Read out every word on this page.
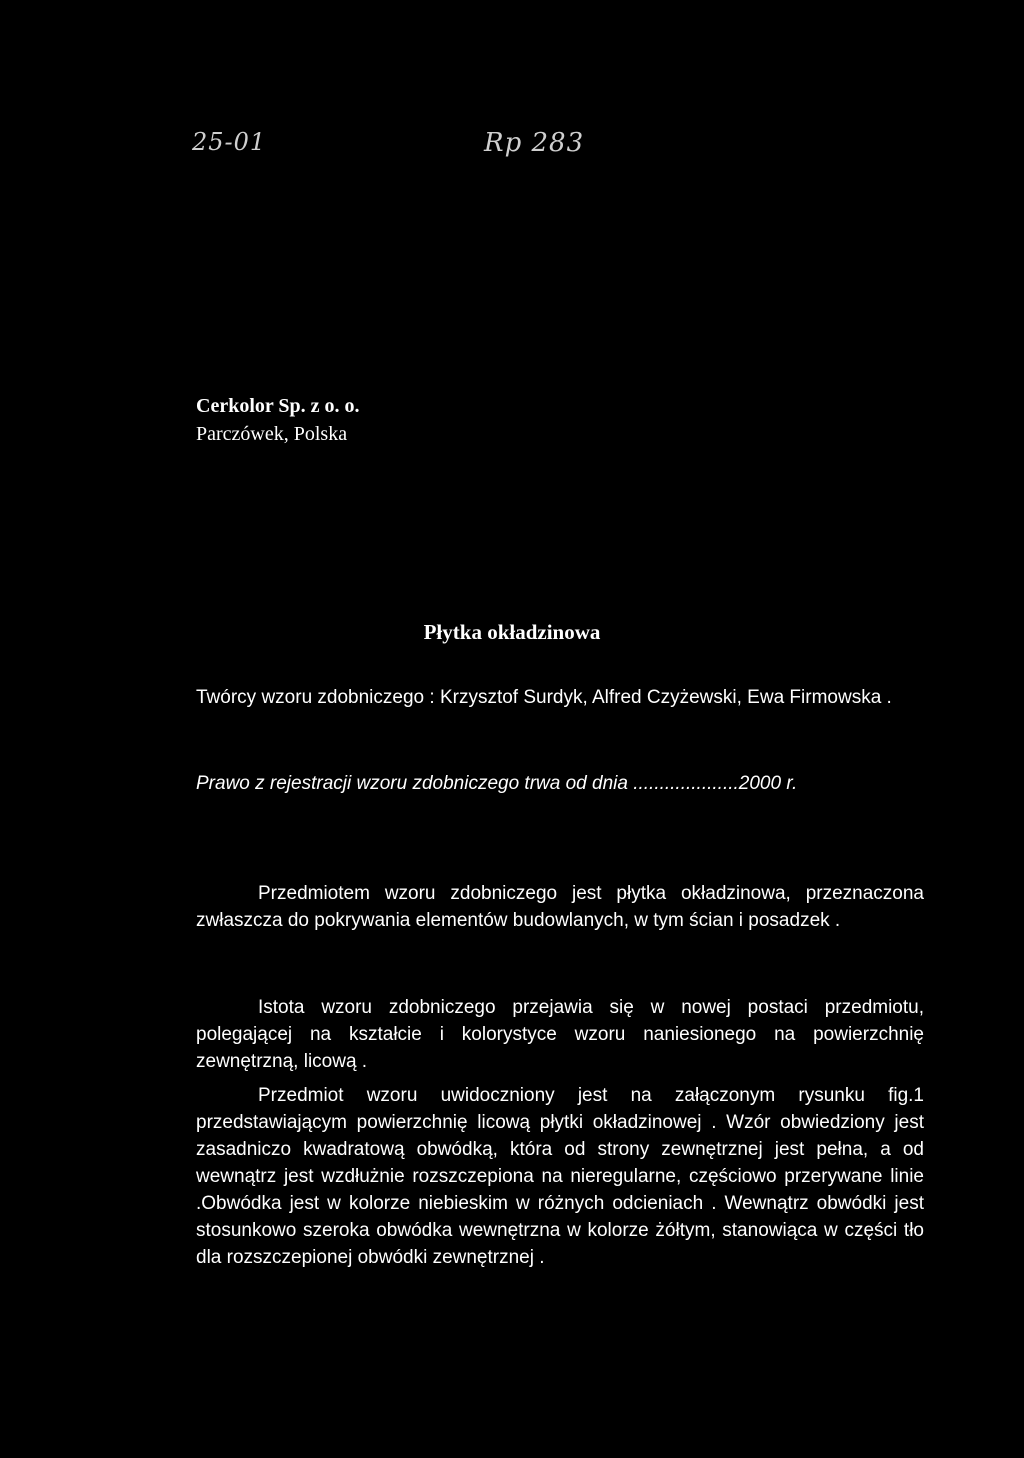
25-01	Rp 283
Cerkolor Sp. z o. o.
Parczówek, Polska
Płytka okładzinowa
Twórcy wzoru zdobniczego : Krzysztof Surdyk, Alfred Czyżewski, Ewa Firmowska .
Prawo z rejestracji wzoru zdobniczego trwa od dnia ....................2000 r.

Przedmiotem wzoru zdobniczego jest płytka okładzinowa, przeznaczona zwłaszcza do pokrywania elementów budowlanych, w tym ścian i posadzek .

Istota wzoru zdobniczego przejawia się w nowej postaci przedmiotu, polegającej na kształcie i kolorystyce wzoru naniesionego na powierzchnię zewnętrzną, licową .

Przedmiot wzoru uwidoczniony jest na załączonym rysunku fig.1 przedstawiającym powierzchnię licową płytki okładzinowej . Wzór obwiedziony jest zasadniczo kwadratową obwódką, która od strony zewnętrznej jest pełna, a od wewnątrz jest wzdłużnie rozszczepiona na nieregularne, częściowo przerywane linie .Obwódka jest w kolorze niebieskim w różnych odcieniach . Wewnątrz obwódki jest stosunkowo szeroka obwódka wewnętrzna w kolorze żółtym, stanowiąca w części tło dla rozszczepionej obwódki zewnętrznej .
